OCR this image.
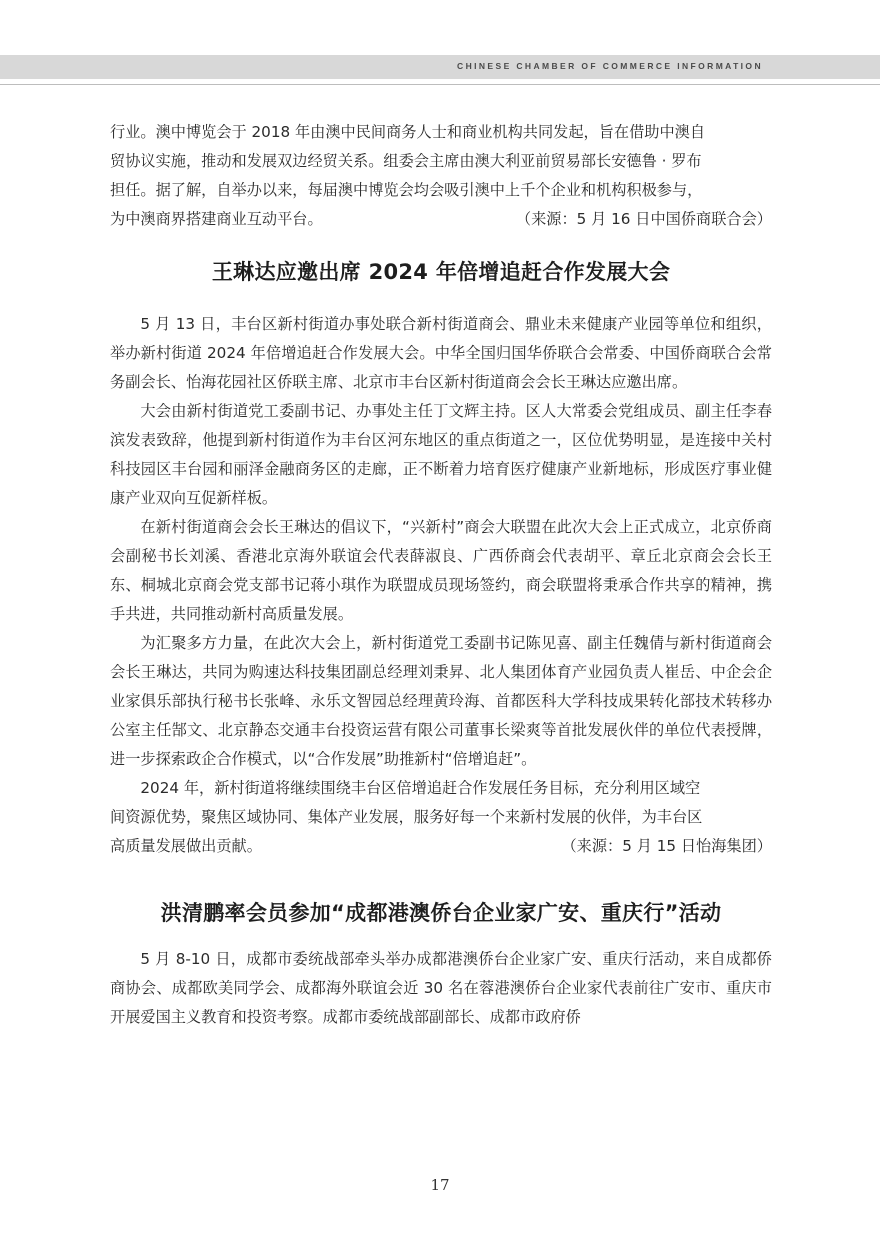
CHINESE CHAMBER OF COMMERCE INFORMATION
行业。澳中博览会于 2018 年由澳中民间商务人士和商业机构共同发起，旨在借助中澳自
贸协议实施，推动和发展双边经贸关系。组委会主席由澳大利亚前贸易部长安德鲁 · 罗布
担任。据了解，自举办以来，每届澳中博览会均会吸引澳中上千个企业和机构积极参与，
为中澳商界搭建商业互动平台。	（来源：5 月 16 日中国侨商联合会）
王琳达应邀出席 2024 年倍增追赶合作发展大会

5 月 13 日，丰台区新村街道办事处联合新村街道商会、鼎业未来健康产业园等单位和组织，举办新村街道 2024 年倍增追赶合作发展大会。中华全国归国华侨联合会常委、中国侨商联合会常务副会长、怡海花园社区侨联主席、北京市丰台区新村街道商会会长王琳达应邀出席。

大会由新村街道党工委副书记、办事处主任丁文辉主持。区人大常委会党组成员、副主任李春滨发表致辞，他提到新村街道作为丰台区河东地区的重点街道之一，区位优势明显，是连接中关村科技园区丰台园和丽泽金融商务区的走廊，正不断着力培育医疗健康产业新地标，形成医疗事业健康产业双向互促新样板。

在新村街道商会会长王琳达的倡议下，“兴新村”商会大联盟在此次大会上正式成立，北京侨商会副秘书长刘溪、香港北京海外联谊会代表薛淑良、广西侨商会代表胡平、章丘北京商会会长王东、桐城北京商会党支部书记蒋小琪作为联盟成员现场签约，商会联盟将秉承合作共享的精神，携手共进，共同推动新村高质量发展。

为汇聚多方力量，在此次大会上，新村街道党工委副书记陈见喜、副主任魏倩与新村街道商会会长王琳达，共同为购速达科技集团副总经理刘秉昇、北人集团体育产业园负责人崔岳、中企会企业家俱乐部执行秘书长张峰、永乐文智园总经理黄玲海、首都医科大学科技成果转化部技术转移办公室主任郜文、北京静态交通丰台投资运营有限公司董事长梁爽等首批发展伙伴的单位代表授牌，进一步探索政企合作模式，以“合作发展”助推新村“倍增追赶”。

2024 年，新村街道将继续围绕丰台区倍增追赶合作发展任务目标，充分利用区域空
间资源优势，聚焦区域协同、集体产业发展，服务好每一个来新村发展的伙伴，为丰台区
高质量发展做出贡献。	（来源：5 月 15 日怡海集团）
洪清鹏率会员参加“成都港澳侨台企业家广安、重庆行”活动

5 月 8-10 日，成都市委统战部牵头举办成都港澳侨台企业家广安、重庆行活动，来自成都侨商协会、成都欧美同学会、成都海外联谊会近 30 名在蓉港澳侨台企业家代表前往广安市、重庆市开展爱国主义教育和投资考察。成都市委统战部副部长、成都市政府侨

17
